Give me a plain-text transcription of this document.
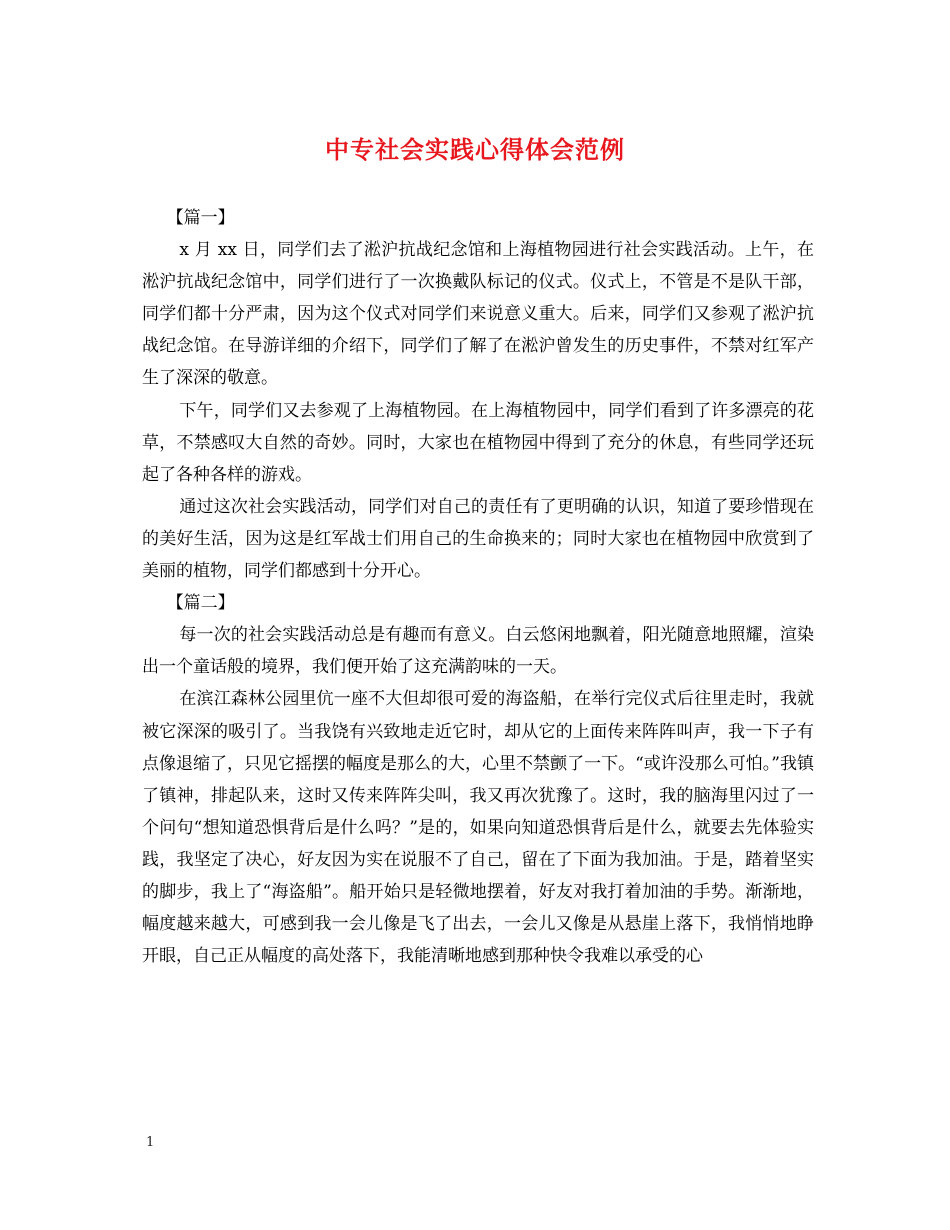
中专社会实践心得体会范例

【篇一】

x 月 xx 日，同学们去了淞沪抗战纪念馆和上海植物园进行社会实践活动。上午，在淞沪抗战纪念馆中，同学们进行了一次换戴队标记的仪式。仪式上，不管是不是队干部，同学们都十分严肃，因为这个仪式对同学们来说意义重大。后来，同学们又参观了淞沪抗战纪念馆。在导游详细的介绍下，同学们了解了在淞沪曾发生的历史事件，不禁对红军产生了深深的敬意。

下午，同学们又去参观了上海植物园。在上海植物园中，同学们看到了许多漂亮的花草，不禁感叹大自然的奇妙。同时，大家也在植物园中得到了充分的休息，有些同学还玩起了各种各样的游戏。

通过这次社会实践活动，同学们对自己的责任有了更明确的认识，知道了要珍惜现在的美好生活，因为这是红军战士们用自己的生命换来的；同时大家也在植物园中欣赏到了美丽的植物，同学们都感到十分开心。

【篇二】

每一次的社会实践活动总是有趣而有意义。白云悠闲地飘着，阳光随意地照耀，渲染出一个童话般的境界，我们便开始了这充满韵味的一天。

在滨江森林公园里伉一座不大但却很可爱的海盗船，在举行完仪式后往里走时，我就被它深深的吸引了。当我饶有兴致地走近它时，却从它的上面传来阵阵叫声，我一下子有点像退缩了，只见它摇摆的幅度是那么的大，心里不禁颤了一下。“或许没那么可怕。”我镇了镇神，排起队来，这时又传来阵阵尖叫，我又再次犹豫了。这时，我的脑海里闪过了一个问句“想知道恐惧背后是什么吗？”是的，如果向知道恐惧背后是什么，就要去先体验实践，我坚定了决心，好友因为实在说服不了自己，留在了下面为我加油。于是，踏着坚实的脚步，我上了“海盗船”。船开始只是轻微地摆着，好友对我打着加油的手势。渐渐地，幅度越来越大，可感到我一会儿像是飞了出去，一会儿又像是从悬崖上落下，我悄悄地睁开眼，自己正从幅度的高处落下，我能清晰地感到那种快令我难以承受的心

1
